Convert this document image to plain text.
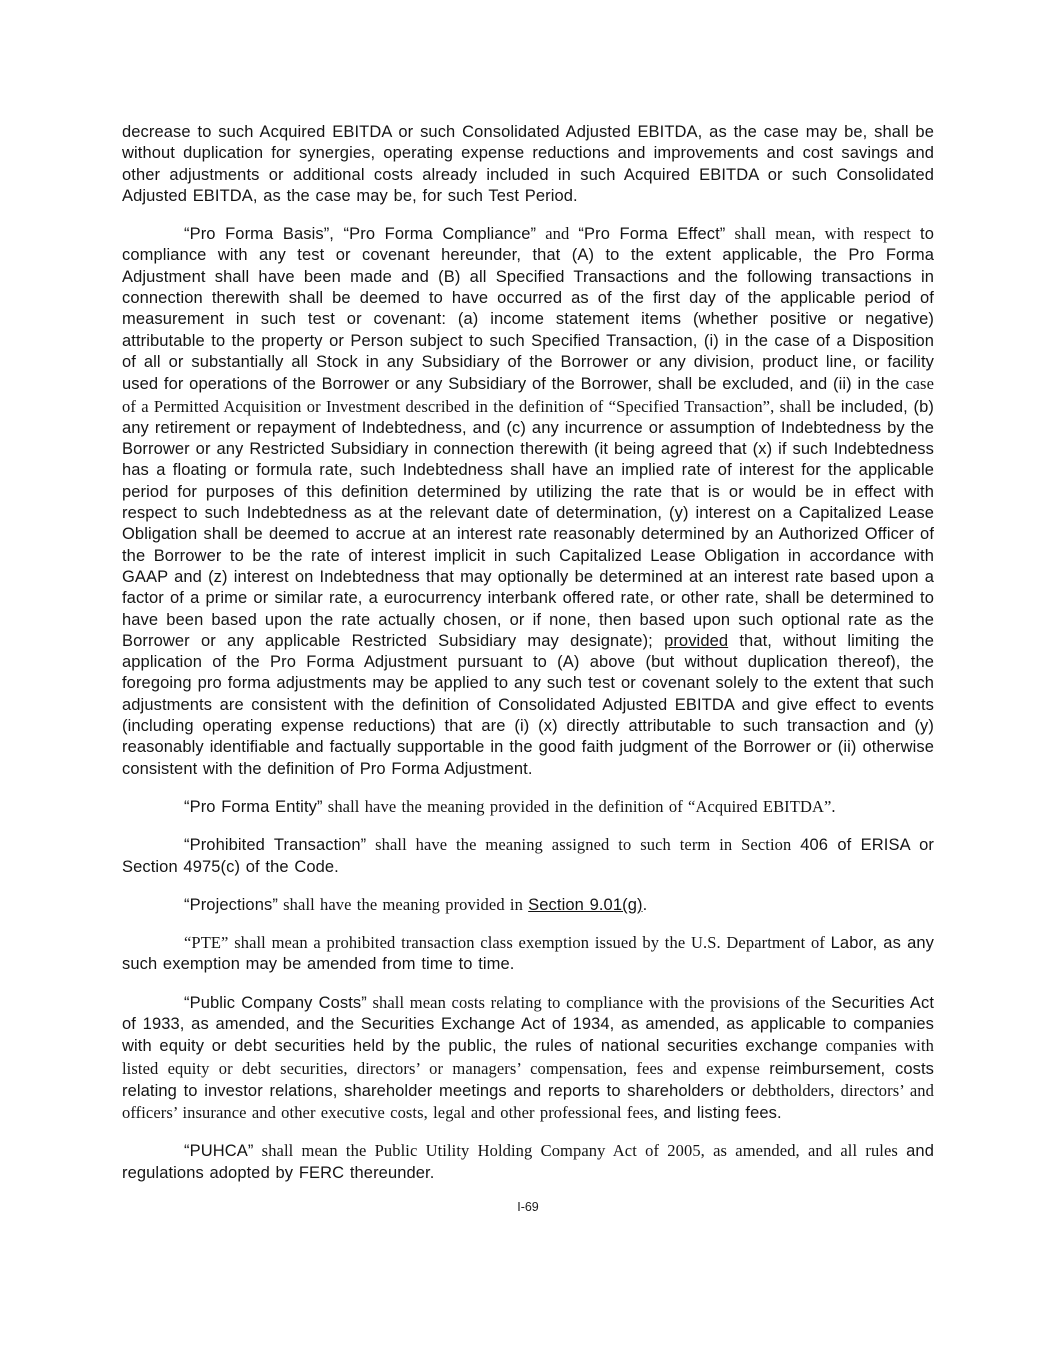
decrease to such Acquired EBITDA or such Consolidated Adjusted EBITDA, as the case may be, shall be without duplication for synergies, operating expense reductions and improvements and cost savings and other adjustments or additional costs already included in such Acquired EBITDA or such Consolidated Adjusted EBITDA, as the case may be, for such Test Period.

“Pro Forma Basis”, “Pro Forma Compliance” and “Pro Forma Effect” shall mean, with respect to compliance with any test or covenant hereunder, that (A) to the extent applicable, the Pro Forma Adjustment shall have been made and (B) all Specified Transactions and the following transactions in connection therewith shall be deemed to have occurred as of the first day of the applicable period of measurement in such test or covenant: (a) income statement items (whether positive or negative) attributable to the property or Person subject to such Specified Transaction, (i) in the case of a Disposition of all or substantially all Stock in any Subsidiary of the Borrower or any division, product line, or facility used for operations of the Borrower or any Subsidiary of the Borrower, shall be excluded, and (ii) in the case of a Permitted Acquisition or Investment described in the definition of “Specified Transaction”, shall be included, (b) any retirement or repayment of Indebtedness, and (c) any incurrence or assumption of Indebtedness by the Borrower or any Restricted Subsidiary in connection therewith (it being agreed that (x) if such Indebtedness has a floating or formula rate, such Indebtedness shall have an implied rate of interest for the applicable period for purposes of this definition determined by utilizing the rate that is or would be in effect with respect to such Indebtedness as at the relevant date of determination, (y) interest on a Capitalized Lease Obligation shall be deemed to accrue at an interest rate reasonably determined by an Authorized Officer of the Borrower to be the rate of interest implicit in such Capitalized Lease Obligation in accordance with GAAP and (z) interest on Indebtedness that may optionally be determined at an interest rate based upon a factor of a prime or similar rate, a eurocurrency interbank offered rate, or other rate, shall be determined to have been based upon the rate actually chosen, or if none, then based upon such optional rate as the Borrower or any applicable Restricted Subsidiary may designate); provided that, without limiting the application of the Pro Forma Adjustment pursuant to (A) above (but without duplication thereof), the foregoing pro forma adjustments may be applied to any such test or covenant solely to the extent that such adjustments are consistent with the definition of Consolidated Adjusted EBITDA and give effect to events (including operating expense reductions) that are (i) (x) directly attributable to such transaction and (y) reasonably identifiable and factually supportable in the good faith judgment of the Borrower or (ii) otherwise consistent with the definition of Pro Forma Adjustment.

“Pro Forma Entity” shall have the meaning provided in the definition of “Acquired EBITDA”.

“Prohibited Transaction” shall have the meaning assigned to such term in Section 406 of ERISA or Section 4975(c) of the Code.

“Projections” shall have the meaning provided in Section 9.01(g).

“PTE” shall mean a prohibited transaction class exemption issued by the U.S. Department of Labor, as any such exemption may be amended from time to time.

“Public Company Costs” shall mean costs relating to compliance with the provisions of the Securities Act of 1933, as amended, and the Securities Exchange Act of 1934, as amended, as applicable to companies with equity or debt securities held by the public, the rules of national securities exchange companies with listed equity or debt securities, directors’ or managers’ compensation, fees and expense reimbursement, costs relating to investor relations, shareholder meetings and reports to shareholders or debtholders, directors’ and officers’ insurance and other executive costs, legal and other professional fees, and listing fees.

“PUHCA” shall mean the Public Utility Holding Company Act of 2005, as amended, and all rules and regulations adopted by FERC thereunder.

I-69
